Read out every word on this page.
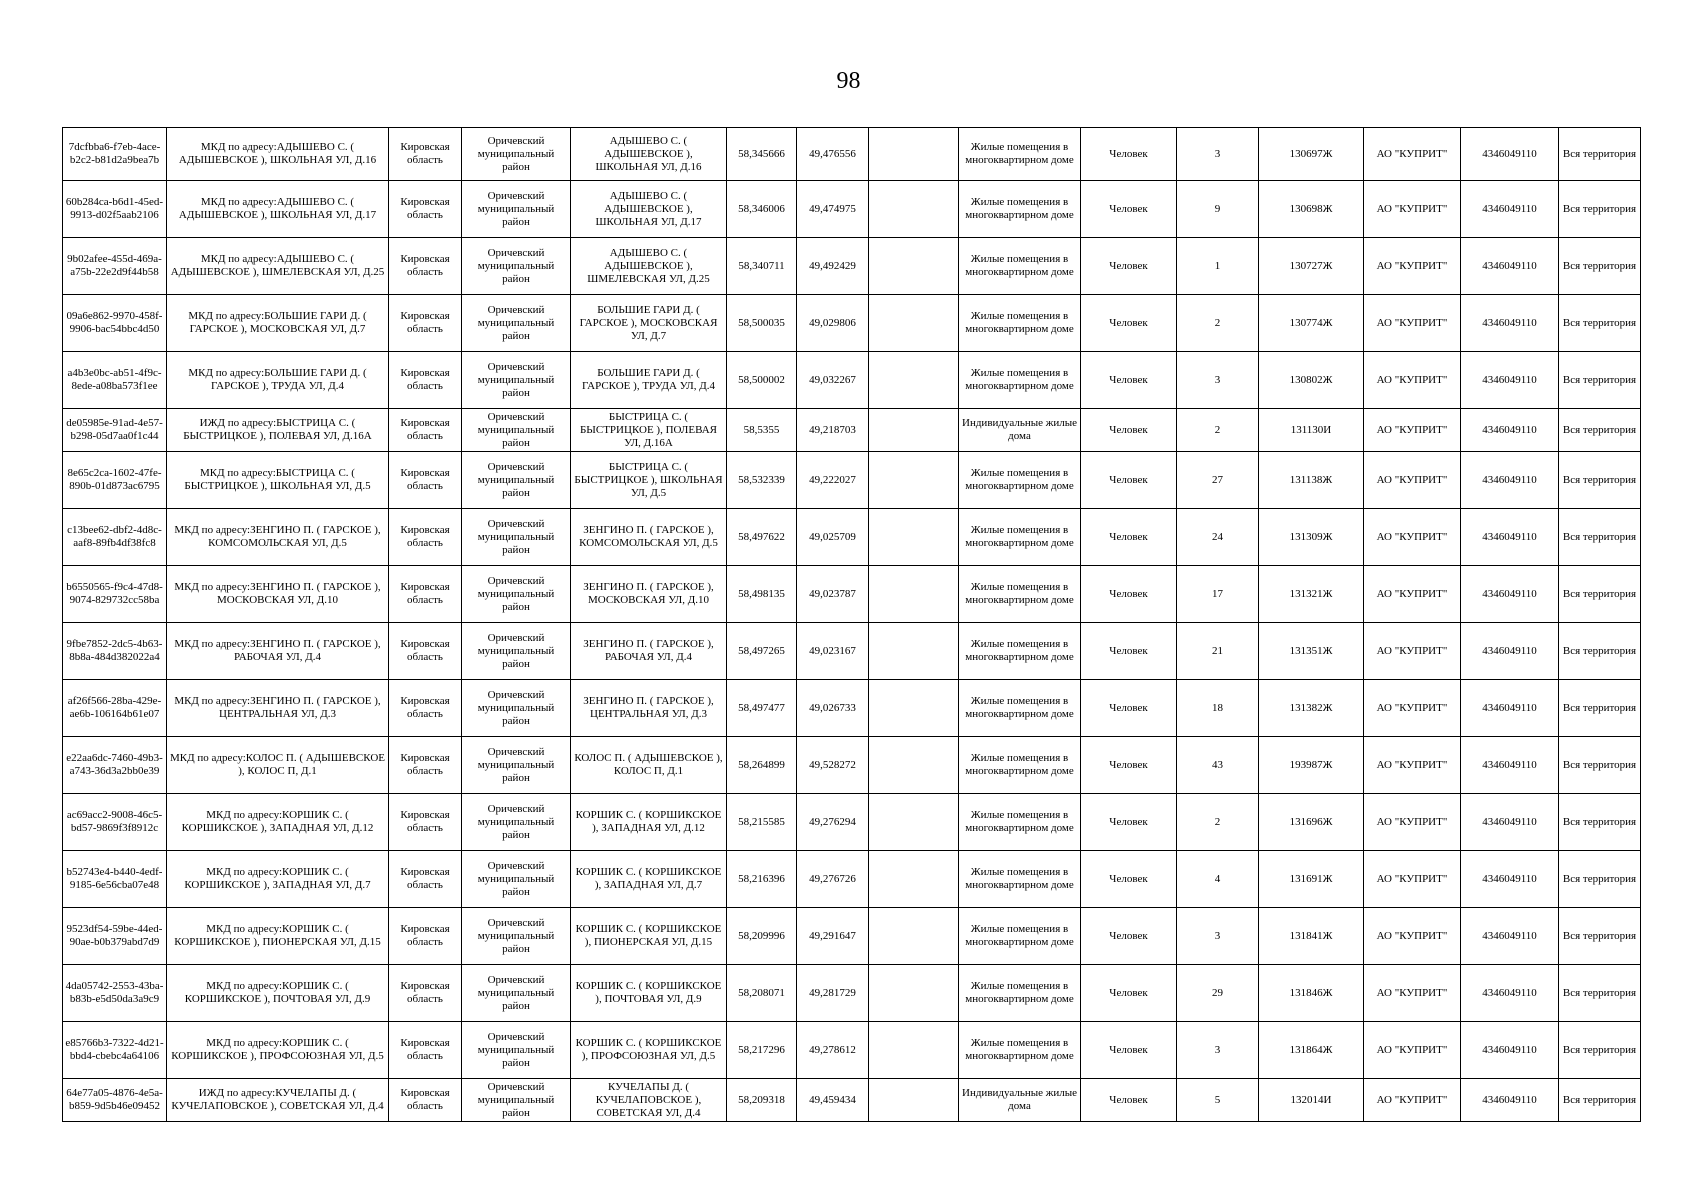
98
7dcfbba6-f7eb-4ace-b2c2-b81d2a9bea7b	МКД по адресу:АДЫШЕВО С. ( АДЫШЕВСКОЕ ), ШКОЛЬНАЯ УЛ, Д.16	Кировская область	Оричевский муниципальный район	АДЫШЕВО С. ( АДЫШЕВСКОЕ ), ШКОЛЬНАЯ УЛ, Д.16	58,345666	49,476556		Жилые помещения в многоквартирном доме	Человек	3	130697Ж	АО "КУПРИТ"	4346049110	Вся территория
60b284ca-b6d1-45ed-9913-d02f5aab2106	МКД по адресу:АДЫШЕВО С. ( АДЫШЕВСКОЕ ), ШКОЛЬНАЯ УЛ, Д.17	Кировская область	Оричевский муниципальный район	АДЫШЕВО С. ( АДЫШЕВСКОЕ ), ШКОЛЬНАЯ УЛ, Д.17	58,346006	49,474975		Жилые помещения в многоквартирном доме	Человек	9	130698Ж	АО "КУПРИТ"	4346049110	Вся территория
9b02afee-455d-469a-a75b-22e2d9f44b58	МКД по адресу:АДЫШЕВО С. ( АДЫШЕВСКОЕ ), ШМЕЛЕВСКАЯ УЛ, Д.25	Кировская область	Оричевский муниципальный район	АДЫШЕВО С. ( АДЫШЕВСКОЕ ), ШМЕЛЕВСКАЯ УЛ, Д.25	58,340711	49,492429		Жилые помещения в многоквартирном доме	Человек	1	130727Ж	АО "КУПРИТ"	4346049110	Вся территория
09a6e862-9970-458f-9906-bac54bbc4d50	МКД по адресу:БОЛЬШИЕ ГАРИ Д. ( ГАРСКОЕ ), МОСКОВСКАЯ УЛ, Д.7	Кировская область	Оричевский муниципальный район	БОЛЬШИЕ ГАРИ Д. ( ГАРСКОЕ ), МОСКОВСКАЯ УЛ, Д.7	58,500035	49,029806		Жилые помещения в многоквартирном доме	Человек	2	130774Ж	АО "КУПРИТ"	4346049110	Вся территория
a4b3e0bc-ab51-4f9c-8ede-a08ba573f1ee	МКД по адресу:БОЛЬШИЕ ГАРИ Д. ( ГАРСКОЕ ), ТРУДА УЛ, Д.4	Кировская область	Оричевский муниципальный район	БОЛЬШИЕ ГАРИ Д. ( ГАРСКОЕ ), ТРУДА УЛ, Д.4	58,500002	49,032267		Жилые помещения в многоквартирном доме	Человек	3	130802Ж	АО "КУПРИТ"	4346049110	Вся территория
de05985e-91ad-4e57-b298-05d7aa0f1c44	ИЖД по адресу:БЫСТРИЦА С. ( БЫСТРИЦКОЕ ), ПОЛЕВАЯ УЛ, Д.16А	Кировская область	Оричевский муниципальный район	БЫСТРИЦА С. ( БЫСТРИЦКОЕ ), ПОЛЕВАЯ УЛ, Д.16А	58,5355	49,218703		Индивидуальные жилые дома	Человек	2	131130И	АО "КУПРИТ"	4346049110	Вся территория
8e65c2ca-1602-47fe-890b-01d873ac6795	МКД по адресу:БЫСТРИЦА С. ( БЫСТРИЦКОЕ ), ШКОЛЬНАЯ УЛ, Д.5	Кировская область	Оричевский муниципальный район	БЫСТРИЦА С. ( БЫСТРИЦКОЕ ), ШКОЛЬНАЯ УЛ, Д.5	58,532339	49,222027		Жилые помещения в многоквартирном доме	Человек	27	131138Ж	АО "КУПРИТ"	4346049110	Вся территория
c13bee62-dbf2-4d8c-aaf8-89fb4df38fc8	МКД по адресу:ЗЕНГИНО П. ( ГАРСКОЕ ), КОМСОМОЛЬСКАЯ УЛ, Д.5	Кировская область	Оричевский муниципальный район	ЗЕНГИНО П. ( ГАРСКОЕ ), КОМСОМОЛЬСКАЯ УЛ, Д.5	58,497622	49,025709		Жилые помещения в многоквартирном доме	Человек	24	131309Ж	АО "КУПРИТ"	4346049110	Вся территория
b6550565-f9c4-47d8-9074-829732cc58ba	МКД по адресу:ЗЕНГИНО П. ( ГАРСКОЕ ), МОСКОВСКАЯ УЛ, Д.10	Кировская область	Оричевский муниципальный район	ЗЕНГИНО П. ( ГАРСКОЕ ), МОСКОВСКАЯ УЛ, Д.10	58,498135	49,023787		Жилые помещения в многоквартирном доме	Человек	17	131321Ж	АО "КУПРИТ"	4346049110	Вся территория
9fbe7852-2dc5-4b63-8b8a-484d382022a4	МКД по адресу:ЗЕНГИНО П. ( ГАРСКОЕ ), РАБОЧАЯ УЛ, Д.4	Кировская область	Оричевский муниципальный район	ЗЕНГИНО П. ( ГАРСКОЕ ), РАБОЧАЯ УЛ, Д.4	58,497265	49,023167		Жилые помещения в многоквартирном доме	Человек	21	131351Ж	АО "КУПРИТ"	4346049110	Вся территория
af26f566-28ba-429e-ae6b-106164b61e07	МКД по адресу:ЗЕНГИНО П. ( ГАРСКОЕ ), ЦЕНТРАЛЬНАЯ УЛ, Д.3	Кировская область	Оричевский муниципальный район	ЗЕНГИНО П. ( ГАРСКОЕ ), ЦЕНТРАЛЬНАЯ УЛ, Д.3	58,497477	49,026733		Жилые помещения в многоквартирном доме	Человек	18	131382Ж	АО "КУПРИТ"	4346049110	Вся территория
e22aa6dc-7460-49b3-a743-36d3a2bb0e39	МКД по адресу:КОЛОС П. ( АДЫШЕВСКОЕ ), КОЛОС П, Д.1	Кировская область	Оричевский муниципальный район	КОЛОС П. ( АДЫШЕВСКОЕ ), КОЛОС П, Д.1	58,264899	49,528272		Жилые помещения в многоквартирном доме	Человек	43	193987Ж	АО "КУПРИТ"	4346049110	Вся территория
ac69acc2-9008-46c5-bd57-9869f3f8912c	МКД по адресу:КОРШИК С. ( КОРШИКСКОЕ ), ЗАПАДНАЯ УЛ, Д.12	Кировская область	Оричевский муниципальный район	КОРШИК С. ( КОРШИКСКОЕ ), ЗАПАДНАЯ УЛ, Д.12	58,215585	49,276294		Жилые помещения в многоквартирном доме	Человек	2	131696Ж	АО "КУПРИТ"	4346049110	Вся территория
b52743e4-b440-4edf-9185-6e56cba07e48	МКД по адресу:КОРШИК С. ( КОРШИКСКОЕ ), ЗАПАДНАЯ УЛ, Д.7	Кировская область	Оричевский муниципальный район	КОРШИК С. ( КОРШИКСКОЕ ), ЗАПАДНАЯ УЛ, Д.7	58,216396	49,276726		Жилые помещения в многоквартирном доме	Человек	4	131691Ж	АО "КУПРИТ"	4346049110	Вся территория
9523df54-59be-44ed-90ae-b0b379abd7d9	МКД по адресу:КОРШИК С. ( КОРШИКСКОЕ ), ПИОНЕРСКАЯ УЛ, Д.15	Кировская область	Оричевский муниципальный район	КОРШИК С. ( КОРШИКСКОЕ ), ПИОНЕРСКАЯ УЛ, Д.15	58,209996	49,291647		Жилые помещения в многоквартирном доме	Человек	3	131841Ж	АО "КУПРИТ"	4346049110	Вся территория
4da05742-2553-43ba-b83b-e5d50da3a9c9	МКД по адресу:КОРШИК С. ( КОРШИКСКОЕ ), ПОЧТОВАЯ УЛ, Д.9	Кировская область	Оричевский муниципальный район	КОРШИК С. ( КОРШИКСКОЕ ), ПОЧТОВАЯ УЛ, Д.9	58,208071	49,281729		Жилые помещения в многоквартирном доме	Человек	29	131846Ж	АО "КУПРИТ"	4346049110	Вся территория
e85766b3-7322-4d21-bbd4-cbebc4a64106	МКД по адресу:КОРШИК С. ( КОРШИКСКОЕ ), ПРОФСОЮЗНАЯ УЛ, Д.5	Кировская область	Оричевский муниципальный район	КОРШИК С. ( КОРШИКСКОЕ ), ПРОФСОЮЗНАЯ УЛ, Д.5	58,217296	49,278612		Жилые помещения в многоквартирном доме	Человек	3	131864Ж	АО "КУПРИТ"	4346049110	Вся территория
64e77a05-4876-4e5a-b859-9d5b46e09452	ИЖД по адресу:КУЧЕЛАПЫ Д. ( КУЧЕЛАПОВСКОЕ ), СОВЕТСКАЯ УЛ, Д.4	Кировская область	Оричевский муниципальный район	КУЧЕЛАПЫ Д. ( КУЧЕЛАПОВСКОЕ ), СОВЕТСКАЯ УЛ, Д.4	58,209318	49,459434		Индивидуальные жилые дома	Человек	5	132014И	АО "КУПРИТ"	4346049110	Вся территория
